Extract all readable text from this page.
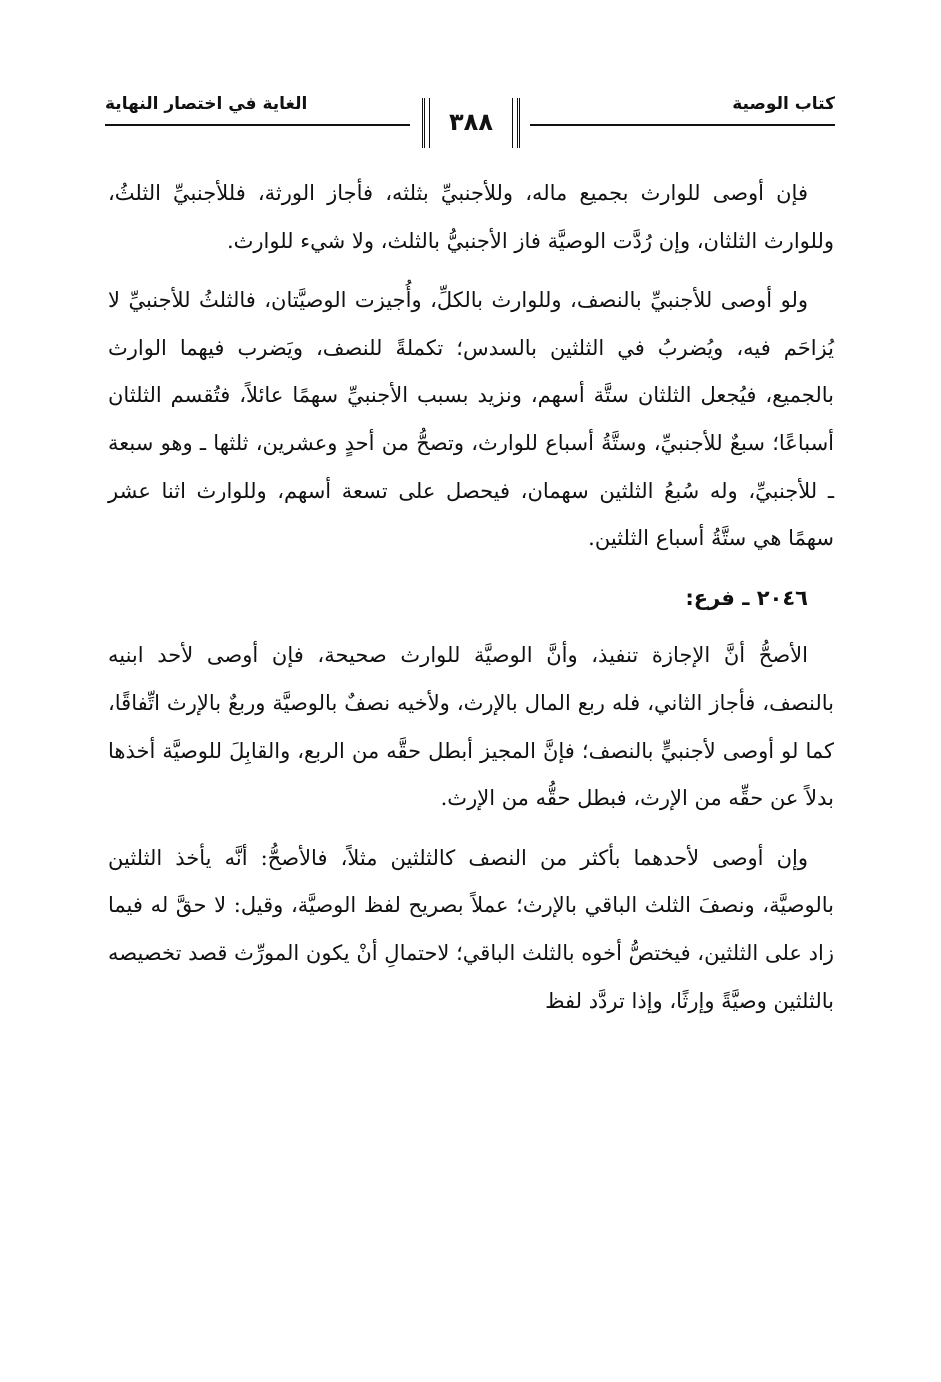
كتاب الوصية
الغاية في اختصار النهاية
٣٨٨

فإن أوصى للوارث بجميع ماله، وللأجنبيِّ بثلثه، فأجاز الورثة، فللأجنبيِّ الثلثُ، وللوارث الثلثان، وإن رُدَّت الوصيَّة فاز الأجنبيُّ بالثلث، ولا شيء للوارث.

ولو أوصى للأجنبيِّ بالنصف، وللوارث بالكلِّ، وأُجيزت الوصيَّتان، فالثلثُ للأجنبيِّ لا يُزاحَم فيه، ويُضربُ في الثلثين بالسدس؛ تكملةً للنصف، ويَضرب فيهما الوارث بالجميع، فيُجعل الثلثان ستَّة أسهم، ونزيد بسبب الأجنبيِّ سهمًا عائلاً، فتُقسم الثلثان أسباعًا؛ سبعٌ للأجنبيِّ، وستَّةُ أسباع للوارث، وتصحُّ من أحدٍ وعشرين، ثلثها ـ وهو سبعة ـ للأجنبيِّ، وله سُبعُ الثلثين سهمان، فيحصل على تسعة أسهم، وللوارث اثنا عشر سهمًا هي ستَّةُ أسباع الثلثين.

٢٠٤٦ ـ فرع:

الأصحُّ أنَّ الإجازة تنفيذ، وأنَّ الوصيَّة للوارث صحيحة، فإن أوصى لأحد ابنيه بالنصف، فأجاز الثاني، فله ربع المال بالإرث، ولأخيه نصفٌ بالوصيَّة وربعٌ بالإرث اتِّفاقًا، كما لو أوصى لأجنبيٍّ بالنصف؛ فإنَّ المجيز أبطل حقَّه من الربع، والقابِلَ للوصيَّة أخذها بدلاً عن حقِّه من الإرث، فبطل حقُّه من الإرث.

وإن أوصى لأحدهما بأكثر من النصف كالثلثين مثلاً، فالأصحُّ: أنَّه يأخذ الثلثين بالوصيَّة، ونصفَ الثلث الباقي بالإرث؛ عملاً بصريح لفظ الوصيَّة، وقيل: لا حقَّ له فيما زاد على الثلثين، فيختصُّ أخوه بالثلث الباقي؛ لاحتمالِ أنْ يكون المورِّث قصد تخصيصه بالثلثين وصيَّةً وإرثًا، وإذا تردَّد لفظ
